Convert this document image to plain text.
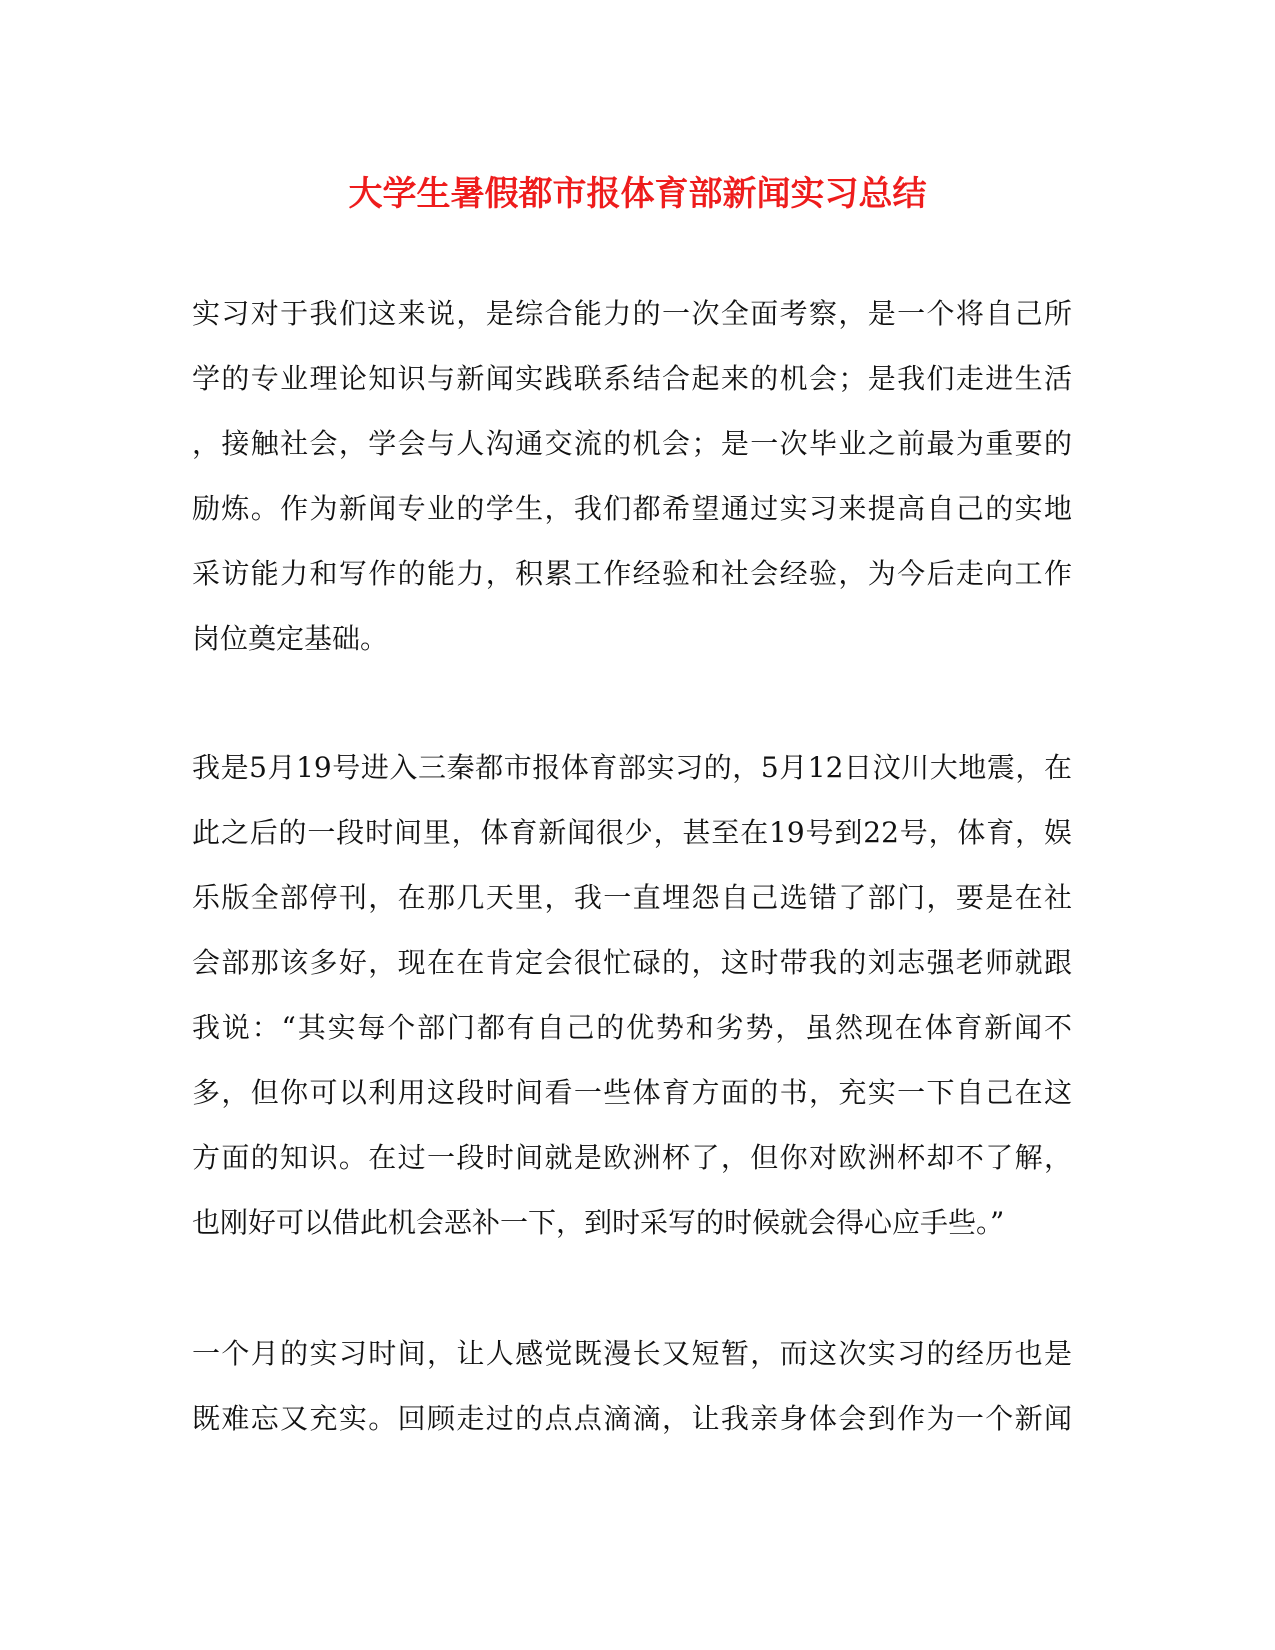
大学生暑假都市报体育部新闻实习总结
实习对于我们这来说，是综合能力的一次全面考察，是一个将自己所
学的专业理论知识与新闻实践联系结合起来的机会；是我们走进生活
，接触社会，学会与人沟通交流的机会；是一次毕业之前最为重要的
励炼。作为新闻专业的学生，我们都希望通过实习来提高自己的实地
采访能力和写作的能力，积累工作经验和社会经验，为今后走向工作
岗位奠定基础。
我是5月19号进入三秦都市报体育部实习的，5月12日汶川大地震，在
此之后的一段时间里，体育新闻很少，甚至在19号到22号，体育，娱
乐版全部停刊，在那几天里，我一直埋怨自己选错了部门，要是在社
会部那该多好，现在在肯定会很忙碌的，这时带我的刘志强老师就跟
我说：“其实每个部门都有自己的优势和劣势，虽然现在体育新闻不
多，但你可以利用这段时间看一些体育方面的书，充实一下自己在这
方面的知识。在过一段时间就是欧洲杯了，但你对欧洲杯却不了解，
也刚好可以借此机会恶补一下，到时采写的时候就会得心应手些。”
一个月的实习时间，让人感觉既漫长又短暂，而这次实习的经历也是
既难忘又充实。回顾走过的点点滴滴，让我亲身体会到作为一个新闻
